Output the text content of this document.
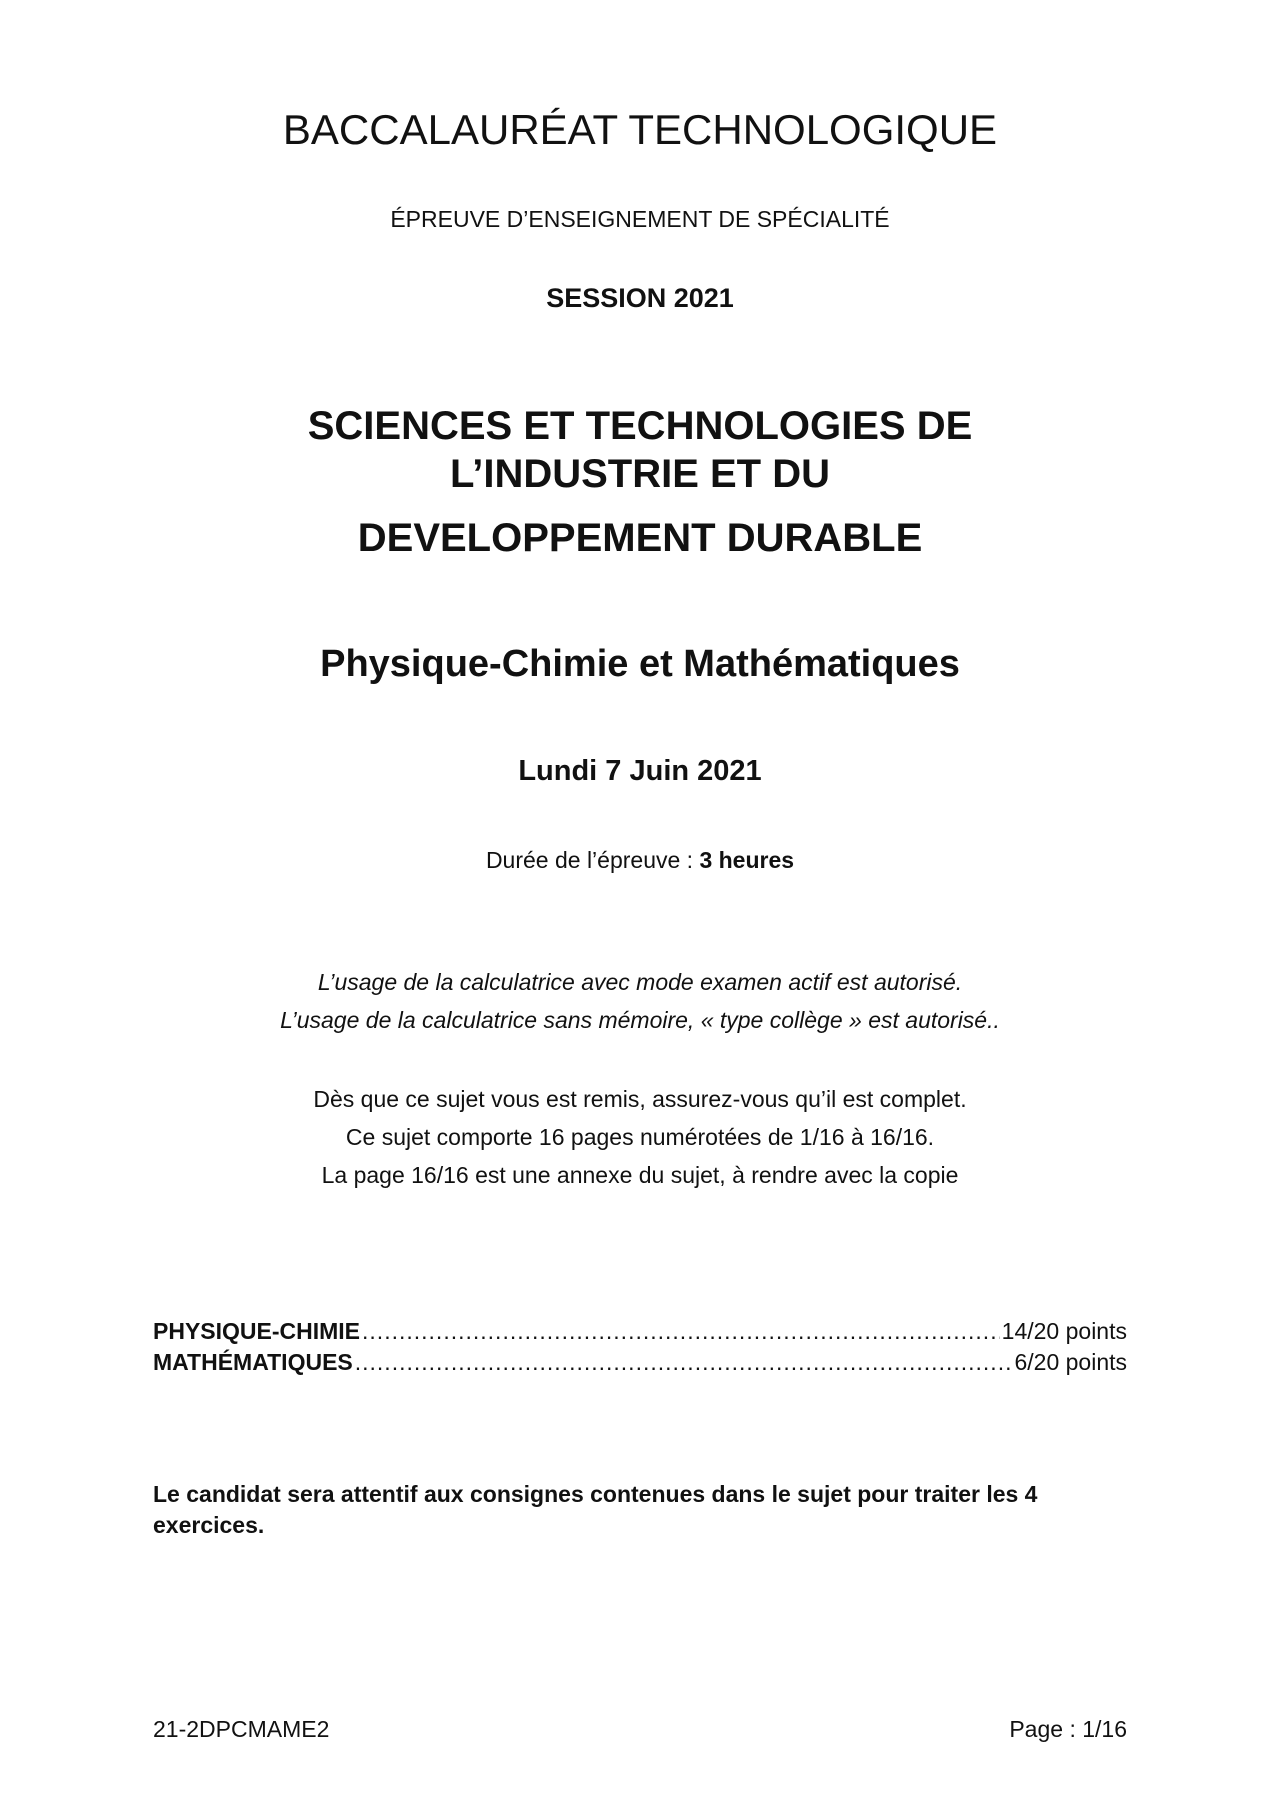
BACCALAURÉAT TECHNOLOGIQUE
ÉPREUVE D’ENSEIGNEMENT DE SPÉCIALITÉ
SESSION 2021
SCIENCES ET TECHNOLOGIES DE
L’INDUSTRIE ET DU
DEVELOPPEMENT DURABLE
Physique-Chimie et Mathématiques
Lundi 7 Juin 2021
Durée de l’épreuve : 3 heures
L’usage de la calculatrice avec mode examen actif est autorisé.
L’usage de la calculatrice sans mémoire, « type collège » est autorisé..
Dès que ce sujet vous est remis, assurez-vous qu’il est complet.
Ce sujet comporte 16 pages numérotées de 1/16 à 16/16.
La page 16/16 est une annexe du sujet, à rendre avec la copie
PHYSIQUE-CHIMIE .....	14/20 points
MATHÉMATIQUES .....	6/20 points
Le candidat sera attentif aux consignes contenues dans le sujet pour traiter les 4 exercices.
21-2DPCMAME2	Page : 1/16
